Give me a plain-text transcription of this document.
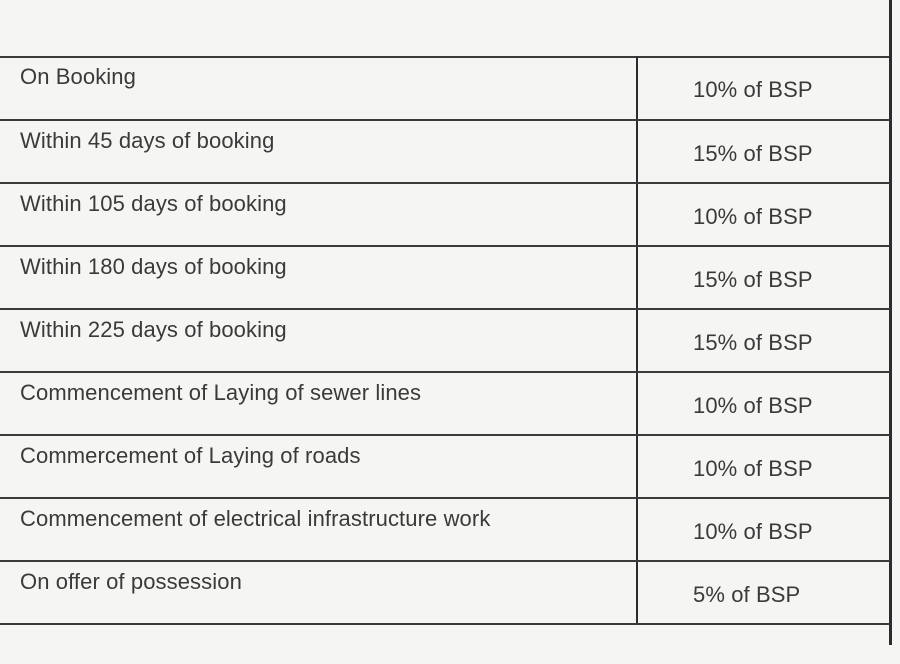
On Booking	10% of BSP
Within 45 days of booking	15% of BSP
Within 105 days of booking	10% of BSP
Within 180 days of booking	15% of BSP
Within 225 days of booking	15% of BSP
Commencement of Laying of sewer lines	10% of BSP
Commercement of Laying of roads	10% of BSP
Commencement of electrical infrastructure work	10% of BSP
On offer of possession	5% of BSP
